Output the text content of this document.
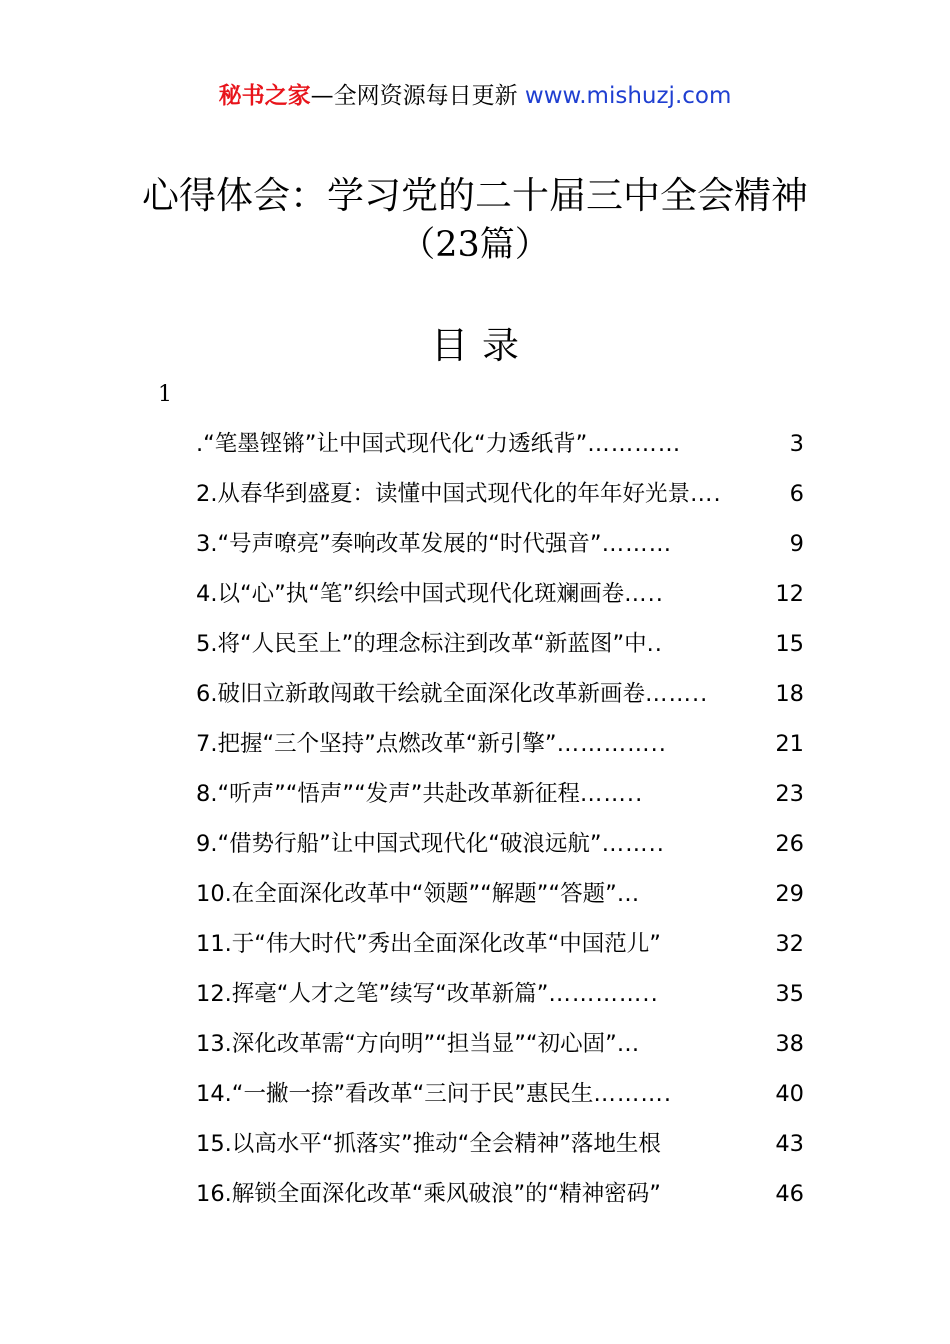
秘书之家—全网资源每日更新 www.mishuzj.com
心得体会：学习党的二十届三中全会精神
（23篇）
目录
1
.“笔墨铿锵”让中国式现代化“力透纸背” …………	3
2.从春华到盛夏：读懂中国式现代化的年年好光景 ….	6
3.“号声嘹亮”奏响改革发展的“时代强音” ………	9
4.以“心”执“笔”织绘中国式现代化斑斓画卷 …..	12
5.将“人民至上”的理念标注到改革“新蓝图”中 ..	15
6.破旧立新敢闯敢干绘就全面深化改革新画卷 ……..	18
7.把握“三个坚持”点燃改革“新引擎” …………..	21
8.“听声”“悟声”“发声”共赴改革新征程 ……..	23
9.“借势行船”让中国式现代化“破浪远航” ……..	26
10.在全面深化改革中“领题”“解题”“答题” …	29
11.于“伟大时代”秀出全面深化改革“中国范儿”	32
12.挥毫“人才之笔”续写“改革新篇” …………..	35
13.深化改革需“方向明”“担当显”“初心固” …	38
14.“一撇一捺”看改革“三问于民”惠民生 ……….	40
15.以高水平“抓落实”推动“全会精神”落地生根	43
16.解锁全面深化改革“乘风破浪”的“精神密码”	46
